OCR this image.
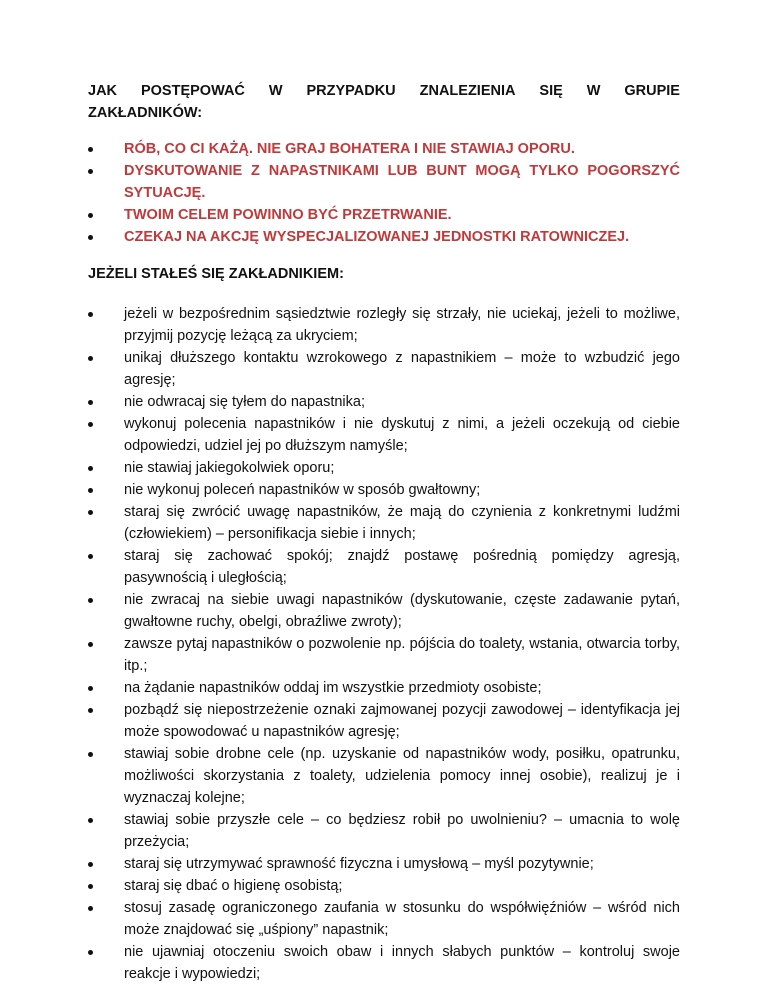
JAK POSTĘPOWAĆ W PRZYPADKU ZNALEZIENIA SIĘ W GRUPIE
ZAKŁADNIKÓW:
RÓB, CO CI KAŻĄ. NIE GRAJ BOHATERA I NIE STAWIAJ OPORU.
DYSKUTOWANIE Z NAPASTNIKAMI LUB BUNT MOGĄ TYLKO POGORSZYĆ SYTUACJĘ.
TWOIM CELEM POWINNO BYĆ PRZETRWANIE.
CZEKAJ NA AKCJĘ WYSPECJALIZOWANEJ JEDNOSTKI RATOWNICZEJ.
JEŻELI STAŁEŚ SIĘ ZAKŁADNIKIEM:
jeżeli w bezpośrednim sąsiedztwie rozległy się strzały, nie uciekaj, jeżeli to możliwe, przyjmij pozycję leżącą za ukryciem;
unikaj dłuższego kontaktu wzrokowego z napastnikiem – może to wzbudzić jego agresję;
nie odwracaj się tyłem do napastnika;
wykonuj polecenia napastników i nie dyskutuj z nimi, a jeżeli oczekują od ciebie odpowiedzi, udziel jej po dłuższym namyśle;
nie stawiaj jakiegokolwiek oporu;
nie wykonuj poleceń napastników w sposób gwałtowny;
staraj się zwrócić uwagę napastników, że mają do czynienia z konkretnymi ludźmi (człowiekiem) – personifikacja siebie i innych;
staraj się zachować spokój; znajdź postawę pośrednią pomiędzy agresją, pasywnością i uległością;
nie zwracaj na siebie uwagi napastników (dyskutowanie, częste zadawanie pytań, gwałtowne ruchy, obelgi, obraźliwe zwroty);
zawsze pytaj napastników o pozwolenie np. pójścia do toalety, wstania, otwarcia torby, itp.;
na żądanie napastników oddaj im wszystkie przedmioty osobiste;
pozbądź się niepostrzeżenie oznaki zajmowanej pozycji zawodowej – identyfikacja jej może spowodować u napastników agresję;
stawiaj sobie drobne cele (np. uzyskanie od napastników wody, posiłku, opatrunku, możliwości skorzystania z toalety, udzielenia pomocy innej osobie), realizuj je i wyznaczaj kolejne;
stawiaj sobie przyszłe cele – co będziesz robił po uwolnieniu? – umacnia to wolę przeżycia;
staraj się utrzymywać sprawność fizyczna i umysłową – myśl pozytywnie;
staraj się dbać o higienę osobistą;
stosuj zasadę ograniczonego zaufania w stosunku do współwięźniów – wśród nich może znajdować się „uśpiony” napastnik;
nie ujawniaj otoczeniu swoich obaw i innych słabych punktów – kontroluj swoje reakcje i wypowiedzi;
